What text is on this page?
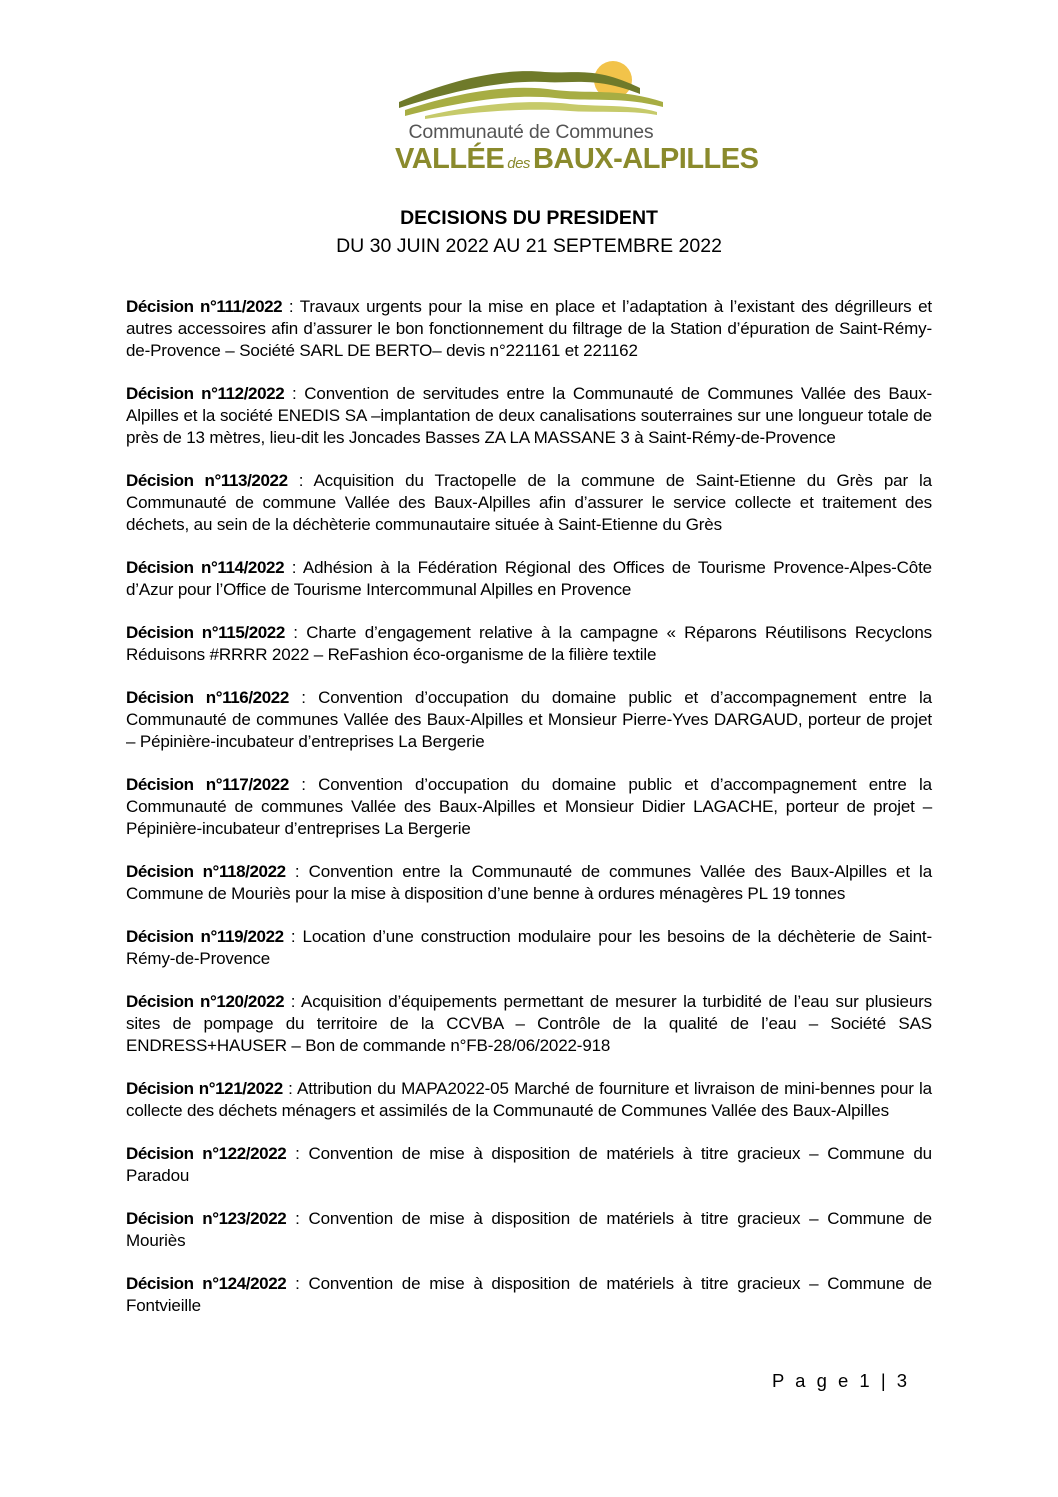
Communauté de Communes
VALLÉE des BAUX-ALPILLES
DECISIONS DU PRESIDENT
DU 30 JUIN 2022 AU 21 SEPTEMBRE 2022

Décision n°111/2022 : Travaux urgents pour la mise en place et l’adaptation à l’existant des dégrilleurs et autres accessoires afin d’assurer le bon fonctionnement du filtrage de la Station d’épuration de Saint-Rémy-de-Provence – Société SARL DE BERTO– devis n°221161 et 221162

Décision n°112/2022 : Convention de servitudes entre la Communauté de Communes Vallée des Baux-Alpilles et la société ENEDIS SA –implantation de deux canalisations souterraines sur une longueur totale de près de 13 mètres, lieu-dit les Joncades Basses ZA LA MASSANE 3 à Saint-Rémy-de-Provence

Décision n°113/2022 : Acquisition du Tractopelle de la commune de Saint-Etienne du Grès par la Communauté de commune Vallée des Baux-Alpilles afin d’assurer le service collecte et traitement des déchets, au sein de la déchèterie communautaire située à Saint-Etienne du Grès

Décision n°114/2022 : Adhésion à la Fédération Régional des Offices de Tourisme Provence-Alpes-Côte d’Azur pour l’Office de Tourisme Intercommunal Alpilles en Provence

Décision n°115/2022 : Charte d’engagement relative à la campagne « Réparons Réutilisons Recyclons Réduisons #RRRR 2022 – ReFashion éco-organisme de la filière textile

Décision n°116/2022 : Convention d’occupation du domaine public et d’accompagnement entre la Communauté de communes Vallée des Baux-Alpilles et Monsieur Pierre-Yves DARGAUD, porteur de projet – Pépinière-incubateur d’entreprises La Bergerie

Décision n°117/2022 : Convention d’occupation du domaine public et d’accompagnement entre la Communauté de communes Vallée des Baux-Alpilles et Monsieur Didier LAGACHE, porteur de projet – Pépinière-incubateur d’entreprises La Bergerie

Décision n°118/2022 : Convention entre la Communauté de communes Vallée des Baux-Alpilles et la Commune de Mouriès pour la mise à disposition d’une benne à ordures ménagères PL 19 tonnes

Décision n°119/2022 : Location d’une construction modulaire pour les besoins de la déchèterie de Saint-Rémy-de-Provence

Décision n°120/2022 : Acquisition d’équipements permettant de mesurer la turbidité de l’eau sur plusieurs sites de pompage du territoire de la CCVBA – Contrôle de la qualité de l’eau – Société SAS ENDRESS+HAUSER – Bon de commande n°FB-28/06/2022-918

Décision n°121/2022 : Attribution du MAPA2022-05 Marché de fourniture et livraison de mini-bennes pour la collecte des déchets ménagers et assimilés de la Communauté de Communes Vallée des Baux-Alpilles

Décision n°122/2022 : Convention de mise à disposition de matériels à titre gracieux – Commune du Paradou

Décision n°123/2022 : Convention de mise à disposition de matériels à titre gracieux – Commune de Mouriès

Décision n°124/2022 : Convention de mise à disposition de matériels à titre gracieux – Commune de Fontvieille

P a g e 1 | 3
